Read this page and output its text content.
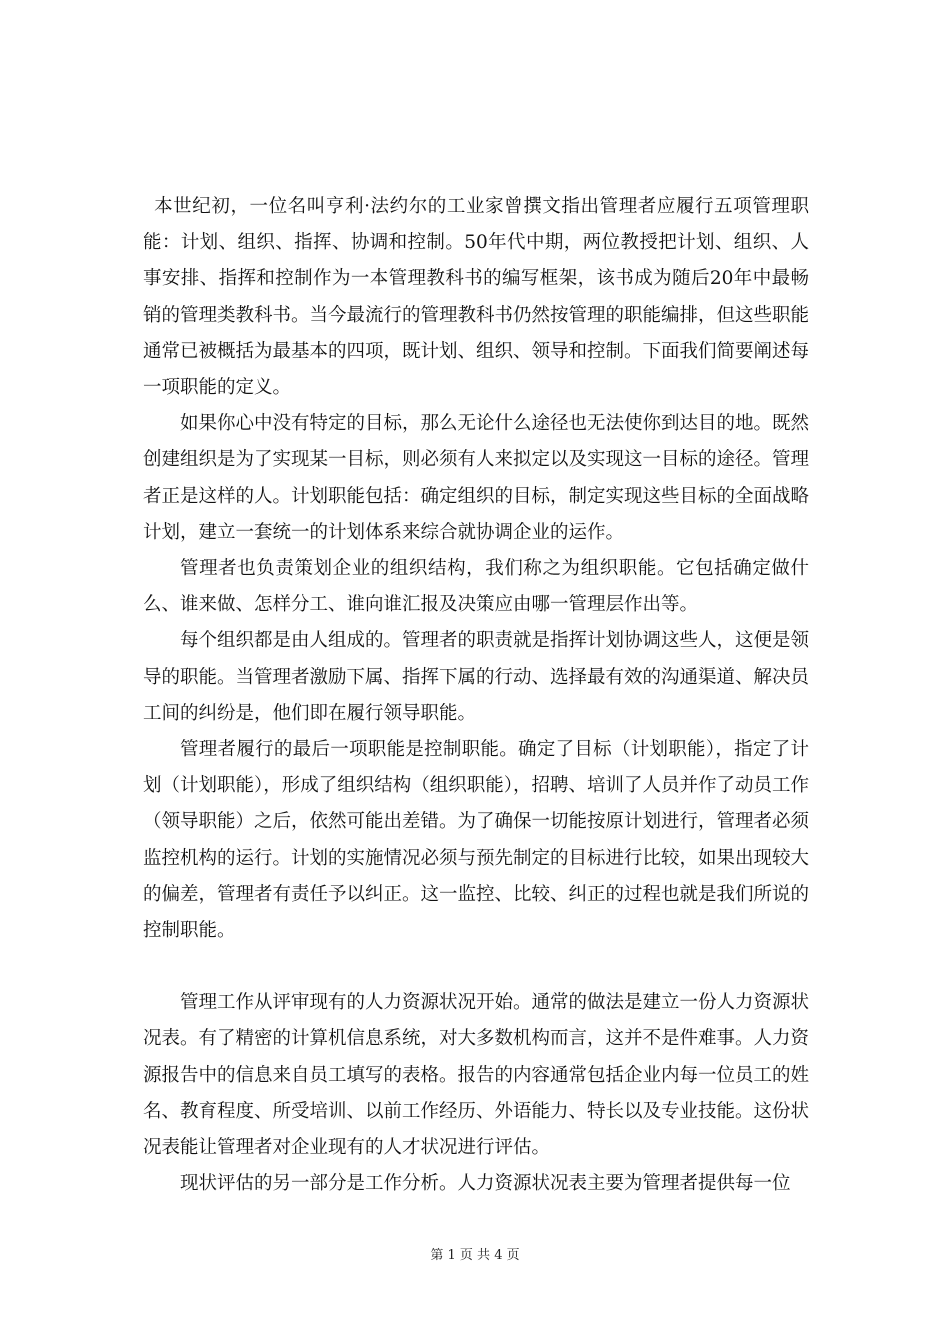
本世纪初，一位名叫亨利·法约尔的工业家曾撰文指出管理者应履行五项管理职能：计划、组织、指挥、协调和控制。50年代中期，两位教授把计划、组织、人事安排、指挥和控制作为一本管理教科书的编写框架，该书成为随后20年中最畅销的管理类教科书。当今最流行的管理教科书仍然按管理的职能编排，但这些职能通常已被概括为最基本的四项，既计划、组织、领导和控制。下面我们简要阐述每一项职能的定义。

如果你心中没有特定的目标，那么无论什么途径也无法使你到达目的地。既然创建组织是为了实现某一目标，则必须有人来拟定以及实现这一目标的途径。管理者正是这样的人。计划职能包括：确定组织的目标，制定实现这些目标的全面战略计划，建立一套统一的计划体系来综合就协调企业的运作。

管理者也负责策划企业的组织结构，我们称之为组织职能。它包括确定做什么、谁来做、怎样分工、谁向谁汇报及决策应由哪一管理层作出等。

每个组织都是由人组成的。管理者的职责就是指挥计划协调这些人，这便是领导的职能。当管理者激励下属、指挥下属的行动、选择最有效的沟通渠道、解决员工间的纠纷是，他们即在履行领导职能。

管理者履行的最后一项职能是控制职能。确定了目标（计划职能），指定了计划（计划职能），形成了组织结构（组织职能），招聘、培训了人员并作了动员工作（领导职能）之后，依然可能出差错。为了确保一切能按原计划进行，管理者必须监控机构的运行。计划的实施情况必须与预先制定的目标进行比较，如果出现较大的偏差，管理者有责任予以纠正。这一监控、比较、纠正的过程也就是我们所说的控制职能。

管理工作从评审现有的人力资源状况开始。通常的做法是建立一份人力资源状况表。有了精密的计算机信息系统，对大多数机构而言，这并不是件难事。人力资源报告中的信息来自员工填写的表格。报告的内容通常包括企业内每一位员工的姓名、教育程度、所受培训、以前工作经历、外语能力、特长以及专业技能。这份状况表能让管理者对企业现有的人才状况进行评估。

现状评估的另一部分是工作分析。人力资源状况表主要为管理者提供每一位

第 1 页 共 4 页
